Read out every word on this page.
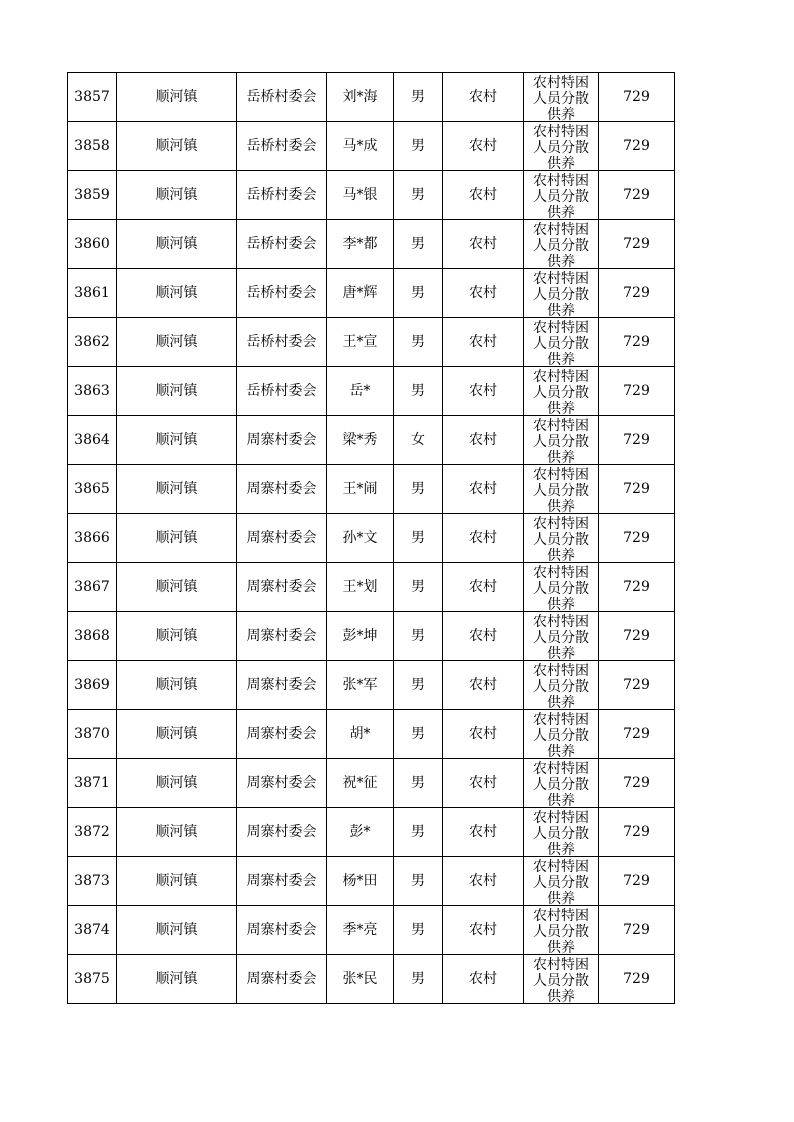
3857	顺河镇	岳桥村委会	刘*海	男	农村	农村特困人员分散供养	729
3858	顺河镇	岳桥村委会	马*成	男	农村	农村特困人员分散供养	729
3859	顺河镇	岳桥村委会	马*银	男	农村	农村特困人员分散供养	729
3860	顺河镇	岳桥村委会	李*都	男	农村	农村特困人员分散供养	729
3861	顺河镇	岳桥村委会	唐*辉	男	农村	农村特困人员分散供养	729
3862	顺河镇	岳桥村委会	王*宣	男	农村	农村特困人员分散供养	729
3863	顺河镇	岳桥村委会	岳*	男	农村	农村特困人员分散供养	729
3864	顺河镇	周寨村委会	梁*秀	女	农村	农村特困人员分散供养	729
3865	顺河镇	周寨村委会	王*闹	男	农村	农村特困人员分散供养	729
3866	顺河镇	周寨村委会	孙*文	男	农村	农村特困人员分散供养	729
3867	顺河镇	周寨村委会	王*划	男	农村	农村特困人员分散供养	729
3868	顺河镇	周寨村委会	彭*坤	男	农村	农村特困人员分散供养	729
3869	顺河镇	周寨村委会	张*军	男	农村	农村特困人员分散供养	729
3870	顺河镇	周寨村委会	胡*	男	农村	农村特困人员分散供养	729
3871	顺河镇	周寨村委会	祝*征	男	农村	农村特困人员分散供养	729
3872	顺河镇	周寨村委会	彭*	男	农村	农村特困人员分散供养	729
3873	顺河镇	周寨村委会	杨*田	男	农村	农村特困人员分散供养	729
3874	顺河镇	周寨村委会	季*亮	男	农村	农村特困人员分散供养	729
3875	顺河镇	周寨村委会	张*民	男	农村	农村特困人员分散供养	729
